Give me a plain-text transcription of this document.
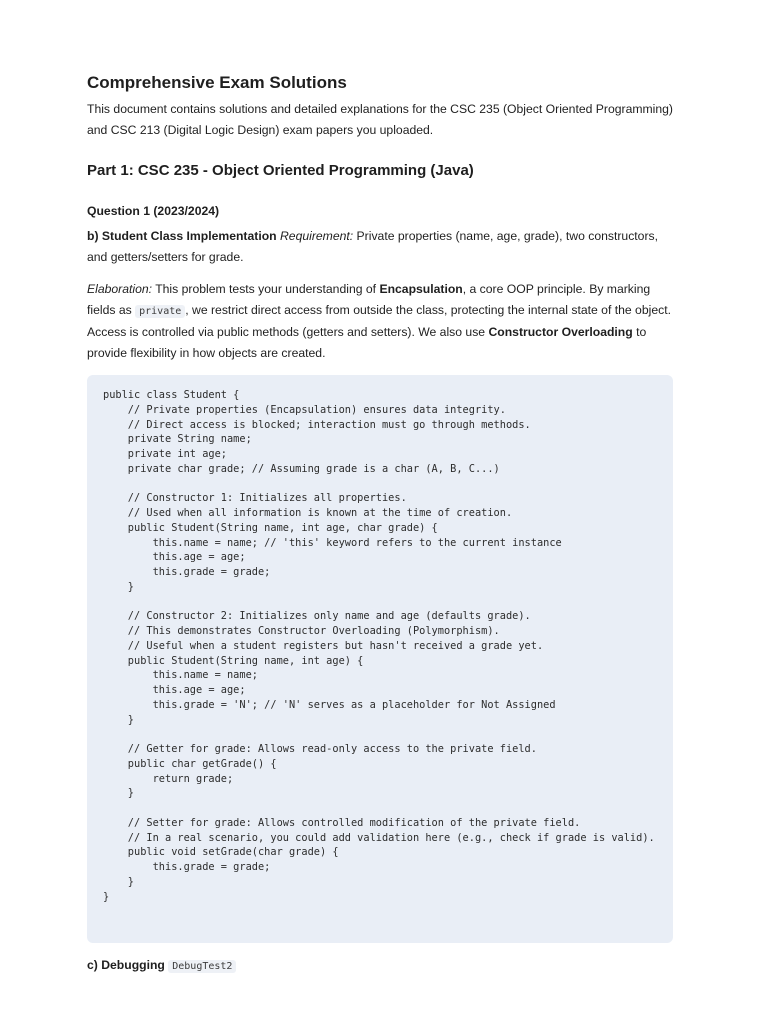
Comprehensive Exam Solutions

This document contains solutions and detailed explanations for the CSC 235 (Object Oriented Programming) and CSC 213 (Digital Logic Design) exam papers you uploaded.

Part 1: CSC 235 - Object Oriented Programming (Java)
Question 1 (2023/2024)

b) Student Class Implementation Requirement: Private properties (name, age, grade), two constructors, and getters/setters for grade.

Elaboration: This problem tests your understanding of Encapsulation, a core OOP principle. By marking fields as private , we restrict direct access from outside the class, protecting the internal state of the object. Access is controlled via public methods (getters and setters). We also use Constructor Overloading to provide flexibility in how objects are created.

public class Student {
// Private properties (Encapsulation) ensures data integrity.
// Direct access is blocked; interaction must go through methods.
private String name;
private int age;
private char grade; // Assuming grade is a char (A, B, C...)

// Constructor 1: Initializes all properties.
// Used when all information is known at the time of creation.
public Student(String name, int age, char grade) {
this.name = name; // 'this' keyword refers to the current instance
this.age = age;
this.grade = grade;
}

// Constructor 2: Initializes only name and age (defaults grade).
// This demonstrates Constructor Overloading (Polymorphism).
// Useful when a student registers but hasn't received a grade yet.
public Student(String name, int age) {
this.name = name;
this.age = age;
this.grade = 'N'; // 'N' serves as a placeholder for Not Assigned
}

// Getter for grade: Allows read-only access to the private field.
public char getGrade() {
return grade;
}

// Setter for grade: Allows controlled modification of the private field.
// In a real scenario, you could add validation here (e.g., check if grade is valid).
public void setGrade(char grade) {
this.grade = grade;
}
}
c) Debugging DebugTest2
